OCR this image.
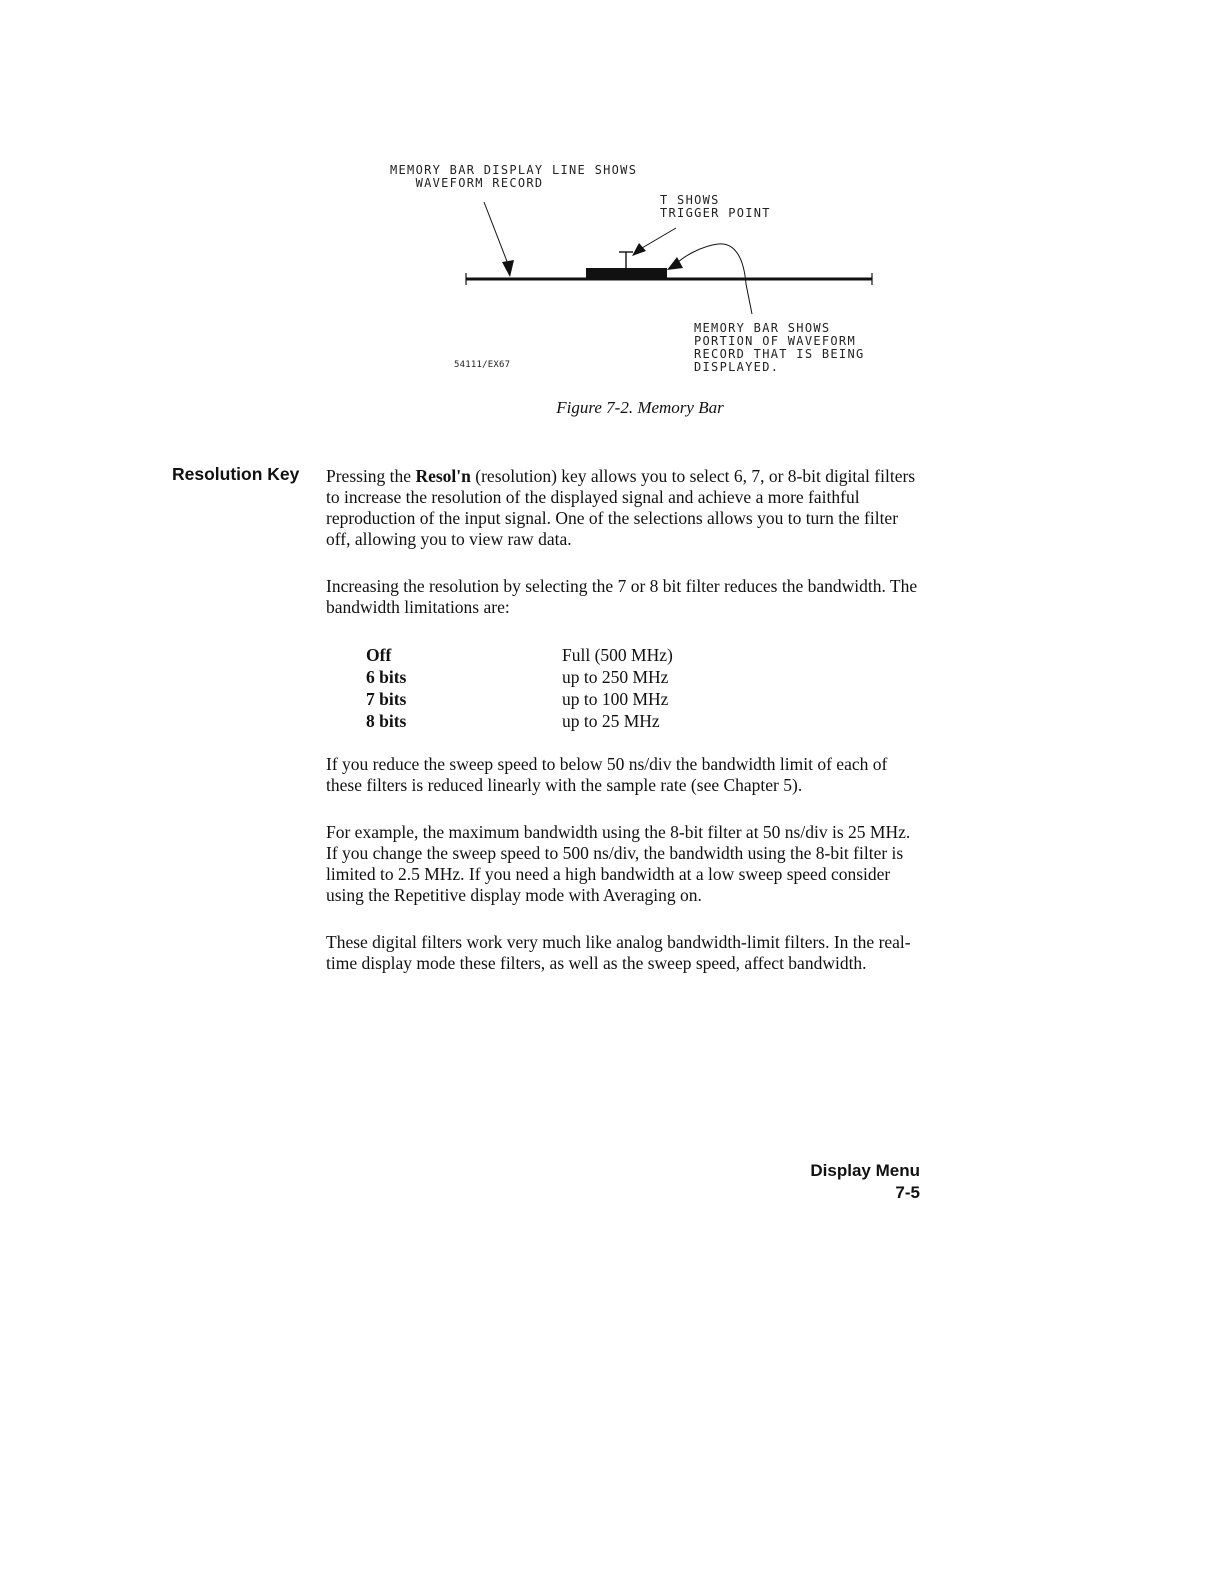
MEMORY BAR DISPLAY LINE SHOWS
WAVEFORM RECORD
T SHOWS
TRIGGER POINT
MEMORY BAR SHOWS
PORTION OF WAVEFORM
RECORD THAT IS BEING
DISPLAYED.
54111/EX67
Figure 7-2. Memory Bar
Resolution Key Pressing the Resol'n (resolution) key allows you to select 6, 7, or 8-bit digital filters to increase the resolution of the displayed signal and achieve a more faithful reproduction of the input signal. One of the selections allows you to turn the filter off, allowing you to view raw data.

Increasing the resolution by selecting the 7 or 8 bit filter reduces the bandwidth. The bandwidth limitations are:

Off	Full (500 MHz)
6 bits	up to 250 MHz
7 bits	up to 100 MHz
8 bits	up to 25 MHz

If you reduce the sweep speed to below 50 ns/div the bandwidth limit of each of these filters is reduced linearly with the sample rate (see Chapter 5).

For example, the maximum bandwidth using the 8-bit filter at 50 ns/div is 25 MHz. If you change the sweep speed to 500 ns/div, the bandwidth using the 8-bit filter is limited to 2.5 MHz. If you need a high bandwidth at a low sweep speed consider using the Repetitive display mode with Averaging on.

These digital filters work very much like analog bandwidth-limit filters. In the real-time display mode these filters, as well as the sweep speed, affect bandwidth.

Display Menu
7-5
